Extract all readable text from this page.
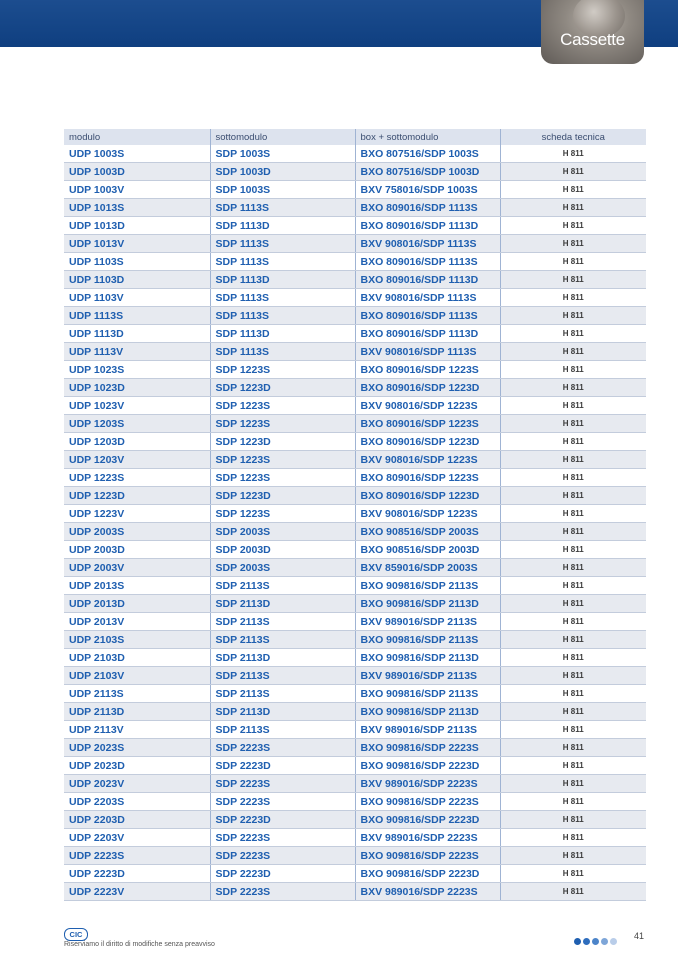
Cassette
modulo	sottomodulo	box + sottomodulo	scheda tecnica
UDP 1003S	SDP 1003S	BXO 807516/SDP 1003S	H 811
UDP 1003D	SDP 1003D	BXO 807516/SDP 1003D	H 811
UDP 1003V	SDP 1003S	BXV 758016/SDP 1003S	H 811
UDP 1013S	SDP 1113S	BXO 809016/SDP 1113S	H 811
UDP 1013D	SDP 1113D	BXO 809016/SDP 1113D	H 811
UDP 1013V	SDP 1113S	BXV 908016/SDP 1113S	H 811
UDP 1103S	SDP 1113S	BXO 809016/SDP 1113S	H 811
UDP 1103D	SDP 1113D	BXO 809016/SDP 1113D	H 811
UDP 1103V	SDP 1113S	BXV 908016/SDP 1113S	H 811
UDP 1113S	SDP 1113S	BXO 809016/SDP 1113S	H 811
UDP 1113D	SDP 1113D	BXO 809016/SDP 1113D	H 811
UDP 1113V	SDP 1113S	BXV 908016/SDP 1113S	H 811
UDP 1023S	SDP 1223S	BXO 809016/SDP 1223S	H 811
UDP 1023D	SDP 1223D	BXO 809016/SDP 1223D	H 811
UDP 1023V	SDP 1223S	BXV 908016/SDP 1223S	H 811
UDP 1203S	SDP 1223S	BXO 809016/SDP 1223S	H 811
UDP 1203D	SDP 1223D	BXO 809016/SDP 1223D	H 811
UDP 1203V	SDP 1223S	BXV 908016/SDP 1223S	H 811
UDP 1223S	SDP 1223S	BXO 809016/SDP 1223S	H 811
UDP 1223D	SDP 1223D	BXO 809016/SDP 1223D	H 811
UDP 1223V	SDP 1223S	BXV 908016/SDP 1223S	H 811
UDP 2003S	SDP 2003S	BXO 908516/SDP 2003S	H 811
UDP 2003D	SDP 2003D	BXO 908516/SDP 2003D	H 811
UDP 2003V	SDP 2003S	BXV 859016/SDP 2003S	H 811
UDP 2013S	SDP 2113S	BXO 909816/SDP 2113S	H 811
UDP 2013D	SDP 2113D	BXO 909816/SDP 2113D	H 811
UDP 2013V	SDP 2113S	BXV 989016/SDP 2113S	H 811
UDP 2103S	SDP 2113S	BXO 909816/SDP 2113S	H 811
UDP 2103D	SDP 2113D	BXO 909816/SDP 2113D	H 811
UDP 2103V	SDP 2113S	BXV 989016/SDP 2113S	H 811
UDP 2113S	SDP 2113S	BXO 909816/SDP 2113S	H 811
UDP 2113D	SDP 2113D	BXO 909816/SDP 2113D	H 811
UDP 2113V	SDP 2113S	BXV 989016/SDP 2113S	H 811
UDP 2023S	SDP 2223S	BXO 909816/SDP 2223S	H 811
UDP 2023D	SDP 2223D	BXO 909816/SDP 2223D	H 811
UDP 2023V	SDP 2223S	BXV 989016/SDP 2223S	H 811
UDP 2203S	SDP 2223S	BXO 909816/SDP 2223S	H 811
UDP 2203D	SDP 2223D	BXO 909816/SDP 2223D	H 811
UDP 2203V	SDP 2223S	BXV 989016/SDP 2223S	H 811
UDP 2223S	SDP 2223S	BXO 909816/SDP 2223S	H 811
UDP 2223D	SDP 2223D	BXO 909816/SDP 2223D	H 811
UDP 2223V	SDP 2223S	BXV 989016/SDP 2223S	H 811
CIC
Riserviamo il diritto di modifiche senza preavviso
41
